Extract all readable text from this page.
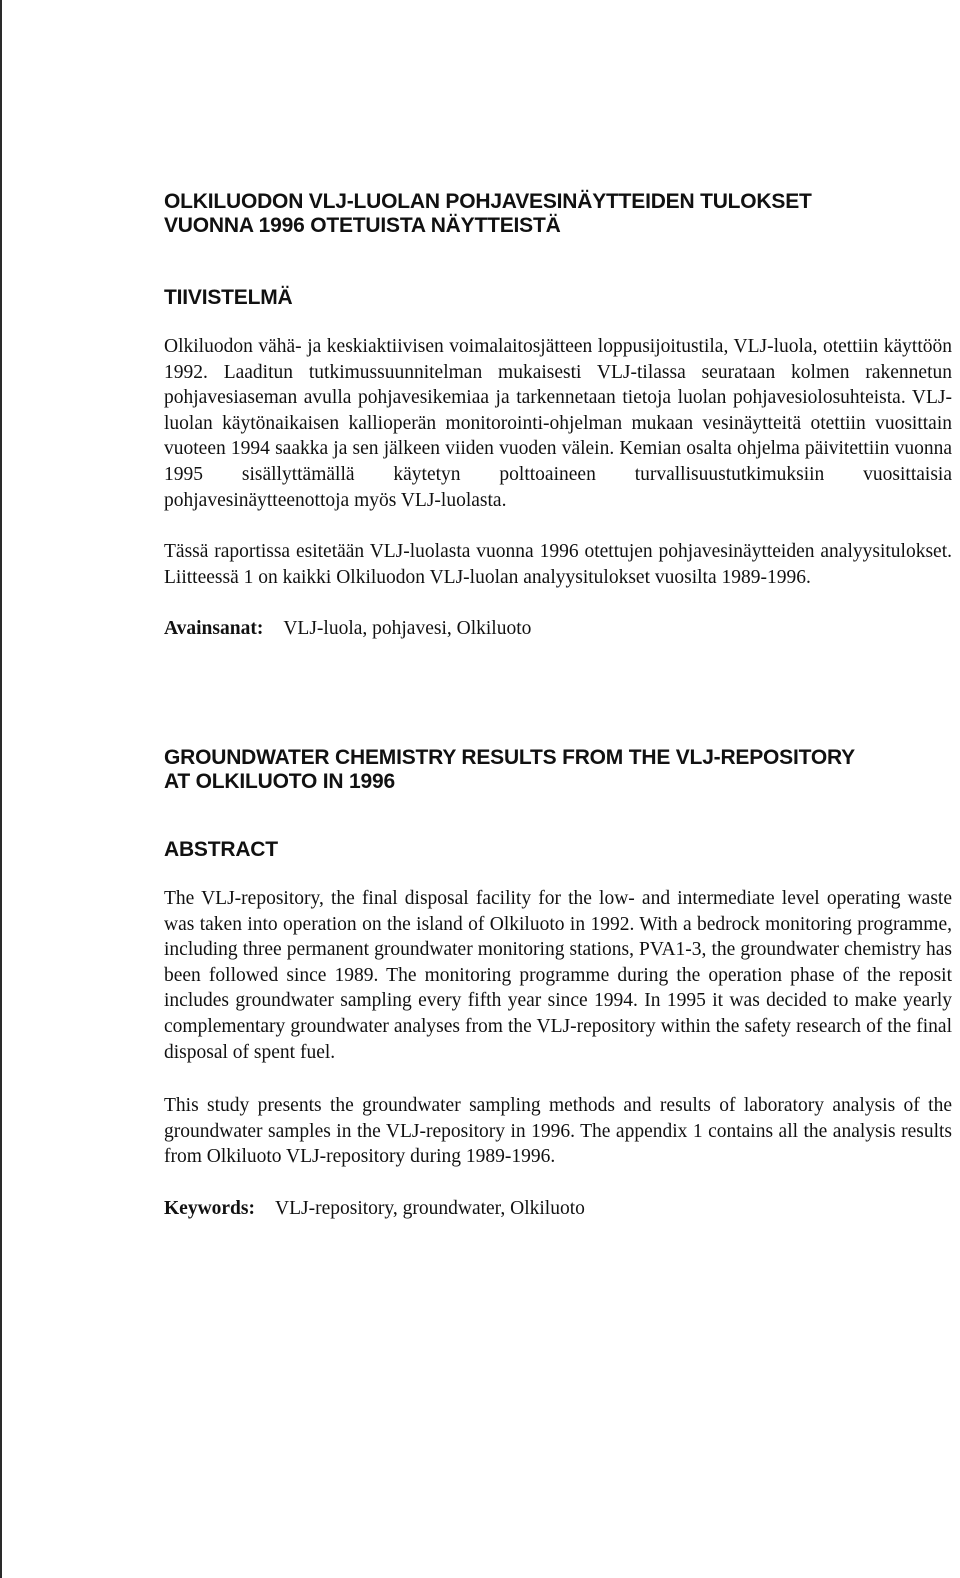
OLKILUODON VLJ-LUOLAN POHJAVESINÄYTTEIDEN TULOKSET
VUONNA 1996 OTETUISTA NÄYTTEISTÄ
TIIVISTELMÄ

Olkiluodon vähä- ja keskiaktiivisen voimalaitosjätteen loppusijoitustila, VLJ-luola, otettiin käyttöön 1992. Laaditun tutkimussuunnitelman mukaisesti VLJ-tilassa seurataan kolmen rakennetun pohjavesiaseman avulla pohjavesikemiaa ja tarkennetaan tietoja luolan pohjavesiolosuhteista. VLJ-luolan käytönaikaisen kallioperän monitorointi-ohjelman mukaan vesinäytteitä otettiin vuosittain vuoteen 1994 saakka ja sen jälkeen viiden vuoden välein. Kemian osalta ohjelma päivitettiin vuonna 1995 sisällyttämällä käytetyn polttoaineen turvallisuustutkimuksiin vuosittaisia pohjavesinäytteenottoja myös VLJ-luolasta.

Tässä raportissa esitetään VLJ-luolasta vuonna 1996 otettujen pohjavesinäytteiden analyysitulokset. Liitteessä 1 on kaikki Olkiluodon VLJ-luolan analyysitulokset vuosilta 1989-1996.

Avainsanat: VLJ-luola, pohjavesi, Olkiluoto
GROUNDWATER CHEMISTRY RESULTS FROM THE VLJ-REPOSITORY
AT OLKILUOTO IN 1996
ABSTRACT

The VLJ-repository, the final disposal facility for the low- and intermediate level operating waste was taken into operation on the island of Olkiluoto in 1992. With a bedrock monitoring programme, including three permanent groundwater monitoring stations, PVA1-3, the groundwater chemistry has been followed since 1989. The monitoring programme during the operation phase of the reposit includes groundwater sampling every fifth year since 1994. In 1995 it was decided to make yearly complementary groundwater analyses from the VLJ-repository within the safety research of the final disposal of spent fuel.

This study presents the groundwater sampling methods and results of laboratory analysis of the groundwater samples in the VLJ-repository in 1996. The appendix 1 contains all the analysis results from Olkiluoto VLJ-repository during 1989-1996.

Keywords: VLJ-repository, groundwater, Olkiluoto
